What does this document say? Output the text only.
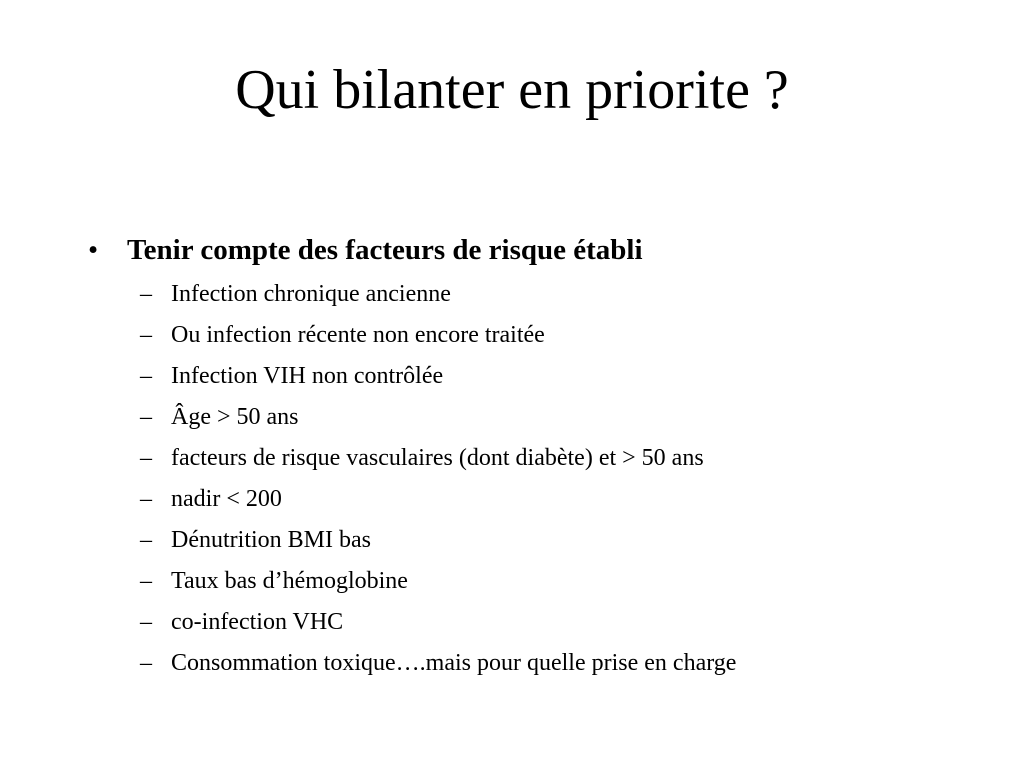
Qui bilanter en priorite ?
• Tenir compte des facteurs de risque établi
– Infection chronique ancienne
– Ou infection récente non encore traitée
– Infection VIH non contrôlée
– Âge > 50 ans
– facteurs de risque vasculaires (dont diabète) et > 50 ans
– nadir < 200
– Dénutrition BMI bas
– Taux bas d’hémoglobine
– co-infection VHC
– Consommation toxique….mais pour quelle prise en charge
